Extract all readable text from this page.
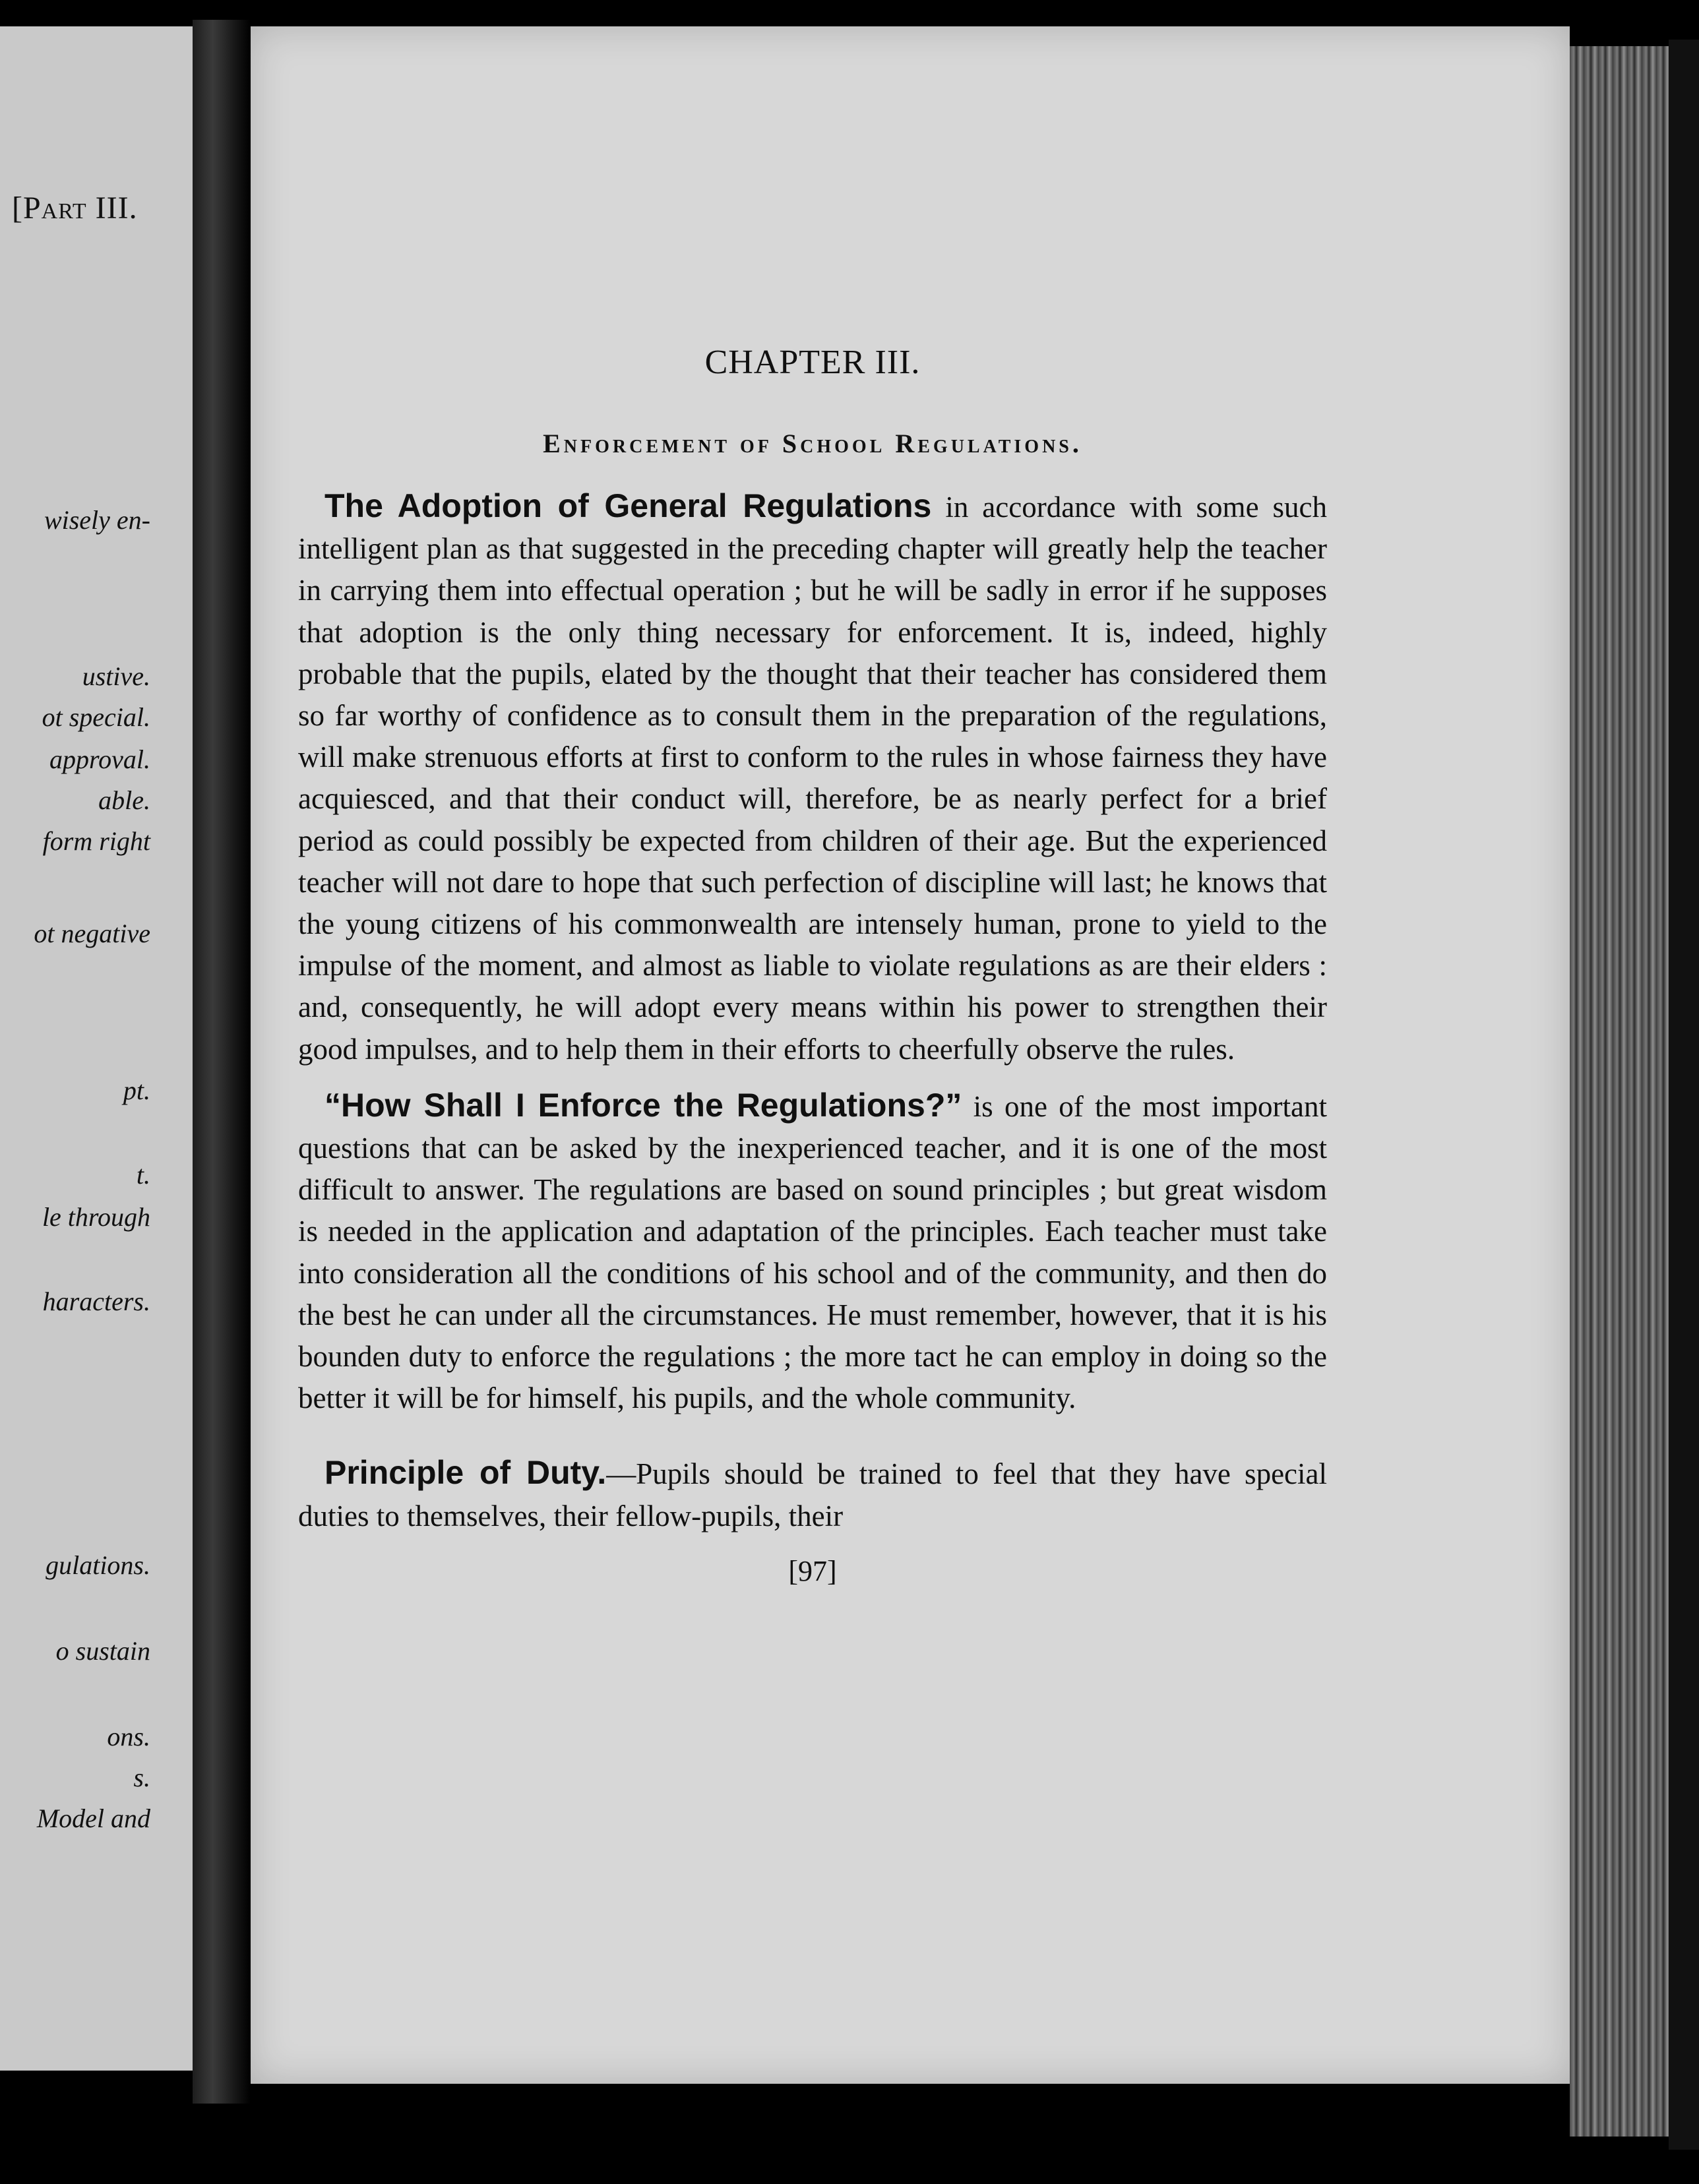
[Part III.
wisely en-
ustive.
ot special.
approval.
able.
form right
ot negative
pt.
t.
le through
haracters.
gulations.
o sustain
ons.
s.
Model and
CHAPTER III.
Enforcement of School Regulations.

The Adoption of General Regulations in accordance with some such intelligent plan as that suggested in the preceding chapter will greatly help the teacher in carrying them into effectual operation ; but he will be sadly in error if he supposes that adoption is the only thing necessary for enforcement. It is, indeed, highly probable that the pupils, elated by the thought that their teacher has considered them so far worthy of confidence as to consult them in the preparation of the regulations, will make strenuous efforts at first to conform to the rules in whose fairness they have acquiesced, and that their conduct will, therefore, be as nearly perfect for a brief period as could possibly be expected from children of their age. But the experienced teacher will not dare to hope that such perfection of discipline will last; he knows that the young citizens of his commonwealth are intensely human, prone to yield to the impulse of the moment, and almost as liable to violate regulations as are their elders : and, consequently, he will adopt every means within his power to strengthen their good impulses, and to help them in their efforts to cheerfully observe the rules.

“How Shall I Enforce the Regulations?” is one of the most important questions that can be asked by the inexperienced teacher, and it is one of the most difficult to answer. The regulations are based on sound principles ; but great wisdom is needed in the application and adaptation of the principles. Each teacher must take into consideration all the conditions of his school and of the community, and then do the best he can under all the circumstances. He must remember, however, that it is his bounden duty to enforce the regulations ; the more tact he can employ in doing so the better it will be for himself, his pupils, and the whole community.

Principle of Duty.—Pupils should be trained to feel that they have special duties to themselves, their fellow-pupils, their

[97]
